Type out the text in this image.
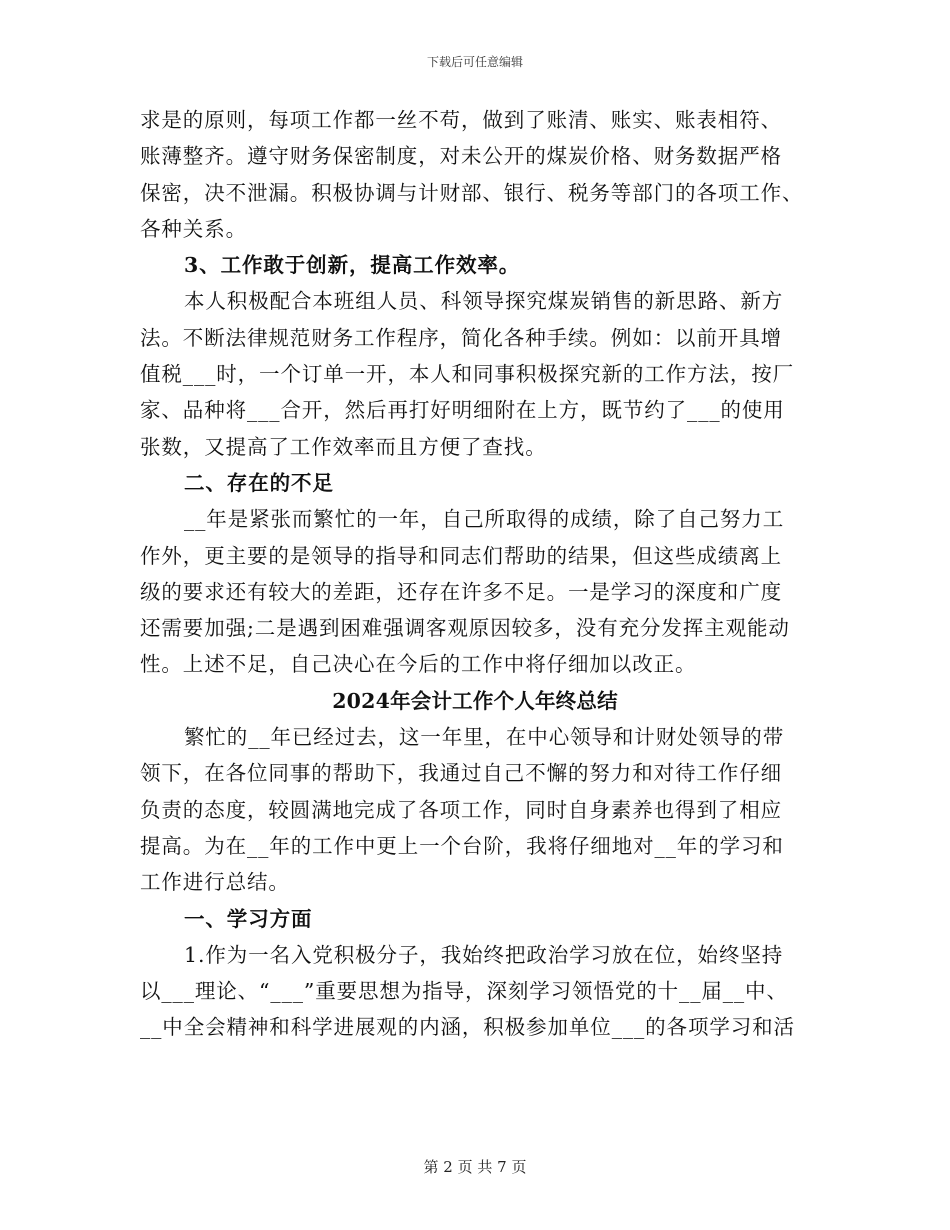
下载后可任意编辑
求是的原则，每项工作都一丝不苟，做到了账清、账实、账表相符、
账薄整齐。遵守财务保密制度，对未公开的煤炭价格、财务数据严格
保密，决不泄漏。积极协调与计财部、银行、税务等部门的各项工作、
各种关系。
3、工作敢于创新，提高工作效率。
本人积极配合本班组人员、科领导探究煤炭销售的新思路、新方
法。不断法律规范财务工作程序，简化各种手续。例如：以前开具增
值税___时，一个订单一开，本人和同事积极探究新的工作方法，按厂
家、品种将___合开，然后再打好明细附在上方，既节约了___的使用
张数，又提高了工作效率而且方便了查找。
二、存在的不足
__年是紧张而繁忙的一年，自己所取得的成绩，除了自己努力工
作外，更主要的是领导的指导和同志们帮助的结果，但这些成绩离上
级的要求还有较大的差距，还存在许多不足。一是学习的深度和广度
还需要加强;二是遇到困难强调客观原因较多，没有充分发挥主观能动
性。上述不足，自己决心在今后的工作中将仔细加以改正。
2024年会计工作个人年终总结
繁忙的__年已经过去，这一年里，在中心领导和计财处领导的带
领下，在各位同事的帮助下，我通过自己不懈的努力和对待工作仔细
负责的态度，较圆满地完成了各项工作，同时自身素养也得到了相应
提高。为在__年的工作中更上一个台阶，我将仔细地对__年的学习和
工作进行总结。
一、学习方面
1.作为一名入党积极分子，我始终把政治学习放在位，始终坚持
以___理论、“___”重要思想为指导，深刻学习领悟党的十__届__中、
__中全会精神和科学进展观的内涵，积极参加单位___的各项学习和活
第 2 页 共 7 页
